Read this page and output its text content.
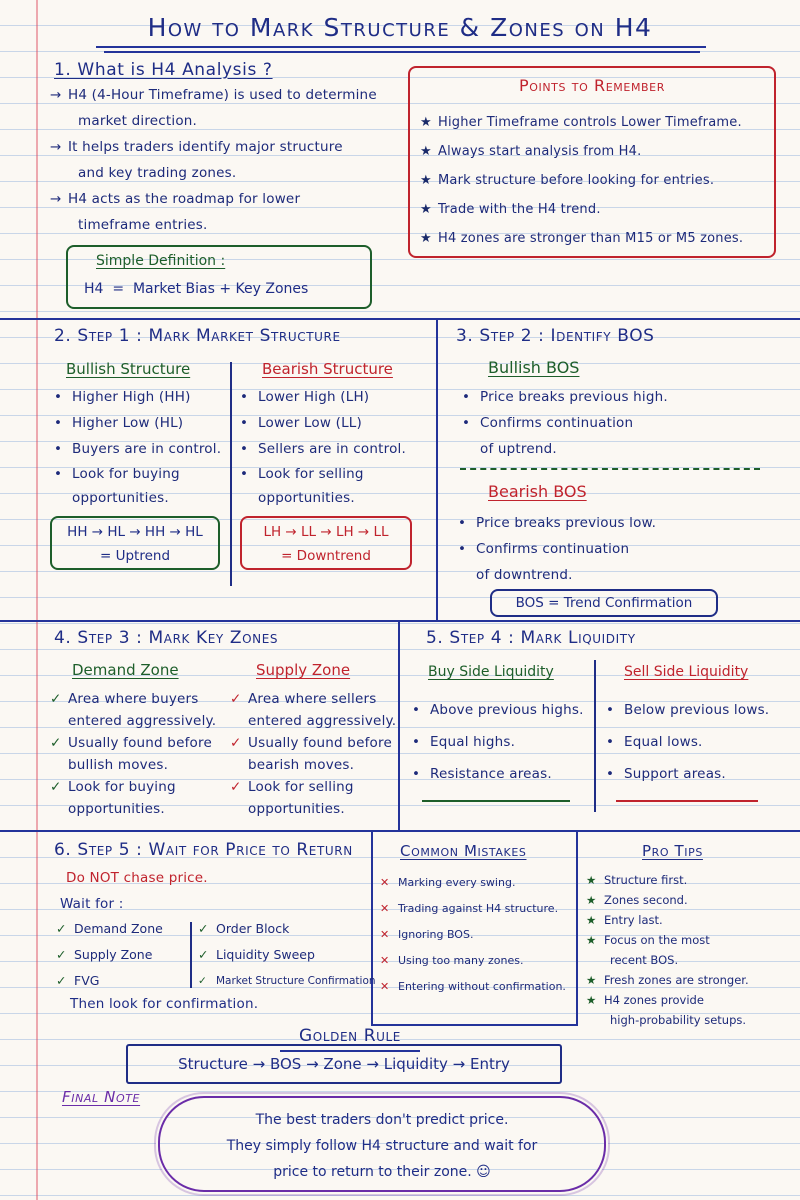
How to Mark Structure & Zones on H4
1. What is H4 Analysis ?
→ H4 (4-Hour Timeframe) is used to determine
market direction.
→ It helps traders identify major structure
and key trading zones.
→ H4 acts as the roadmap for lower
timeframe entries.
Simple Definition :
H4  =  Market Bias + Key Zones
Points to Remember
★ Higher Timeframe controls Lower Timeframe.
★ Always start analysis from H4.
★ Mark structure before looking for entries.
★ Trade with the H4 trend.
★ H4 zones are stronger than M15 or M5 zones.
2. Step 1 : Mark Market Structure
Bullish Structure
• Higher High (HH)
• Higher Low (HL)
• Buyers are in control.
• Look for buying
opportunities.
Bearish Structure
• Lower High (LH)
• Lower Low (LL)
• Sellers are in control.
• Look for selling
opportunities.
HH → HL → HH → HL
= Uptrend
LH → LL → LH → LL
= Downtrend
3. Step 2 : Identify BOS
Bullish BOS
• Price breaks previous high.
• Confirms continuation
of uptrend.
Bearish BOS
• Price breaks previous low.
• Confirms continuation
of downtrend.
BOS = Trend Confirmation
4. Step 3 : Mark Key Zones
Demand Zone
✓ Area where buyers
entered aggressively.
✓ Usually found before
bullish moves.
✓ Look for buying
opportunities.
Supply Zone
✓ Area where sellers
entered aggressively.
✓ Usually found before
bearish moves.
✓ Look for selling
opportunities.
5. Step 4 : Mark Liquidity
Buy Side Liquidity
• Above previous highs.
• Equal highs.
• Resistance areas.
Sell Side Liquidity
• Below previous lows.
• Equal lows.
• Support areas.
6. Step 5 : Wait for Price to Return
Do NOT chase price.
Wait for :
✓ Demand Zone
✓ Supply Zone
✓ FVG
✓ Order Block
✓ Liquidity Sweep
✓ Market Structure Confirmation
Then look for confirmation.
Common Mistakes
✕ Marking every swing.
✕ Trading against H4 structure.
✕ Ignoring BOS.
✕ Using too many zones.
✕ Entering without confirmation.
Pro Tips
★ Structure first.
★ Zones second.
★ Entry last.
★ Focus on the most
recent BOS.
★ Fresh zones are stronger.
★ H4 zones provide
high-probability setups.
Golden Rule
Structure → BOS → Zone → Liquidity → Entry
Final Note
The best traders don't predict price.
They simply follow H4 structure and wait for
price to return to their zone. ☺
